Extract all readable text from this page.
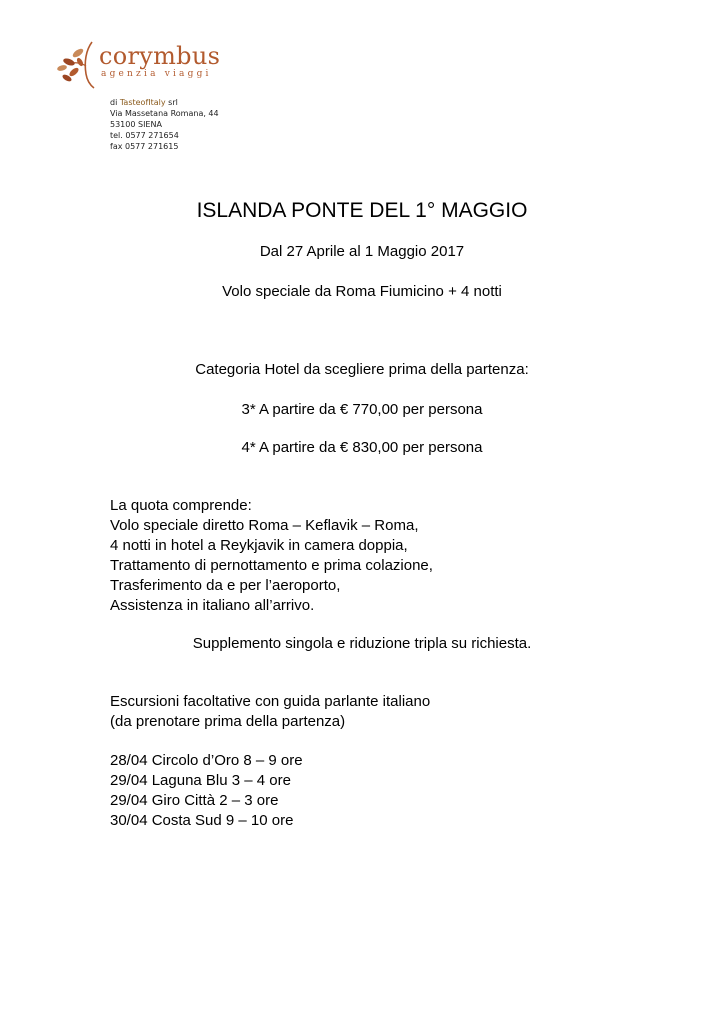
corymbus
agenzia viaggi
di TasteofItaly srl
Via Massetana Romana, 44
53100 SIENA
tel. 0577 271654
fax 0577 271615
ISLANDA PONTE DEL 1° MAGGIO
Dal 27 Aprile al 1 Maggio 2017
Volo speciale da Roma Fiumicino + 4 notti
Categoria Hotel da scegliere prima della partenza:
3* A partire da € 770,00 per persona
4* A partire da € 830,00 per persona
La quota comprende:
Volo speciale diretto Roma – Keflavik – Roma,
4 notti in hotel a Reykjavik in camera doppia,
Trattamento di pernottamento e prima colazione,
Trasferimento da e per l’aeroporto,
Assistenza in italiano all’arrivo.
Supplemento singola e riduzione tripla su richiesta.
Escursioni facoltative con guida parlante italiano
(da prenotare prima della partenza)
28/04 Circolo d’Oro 8 – 9 ore
29/04 Laguna Blu 3 – 4 ore
29/04 Giro Città 2 – 3 ore
30/04 Costa Sud 9 – 10 ore
